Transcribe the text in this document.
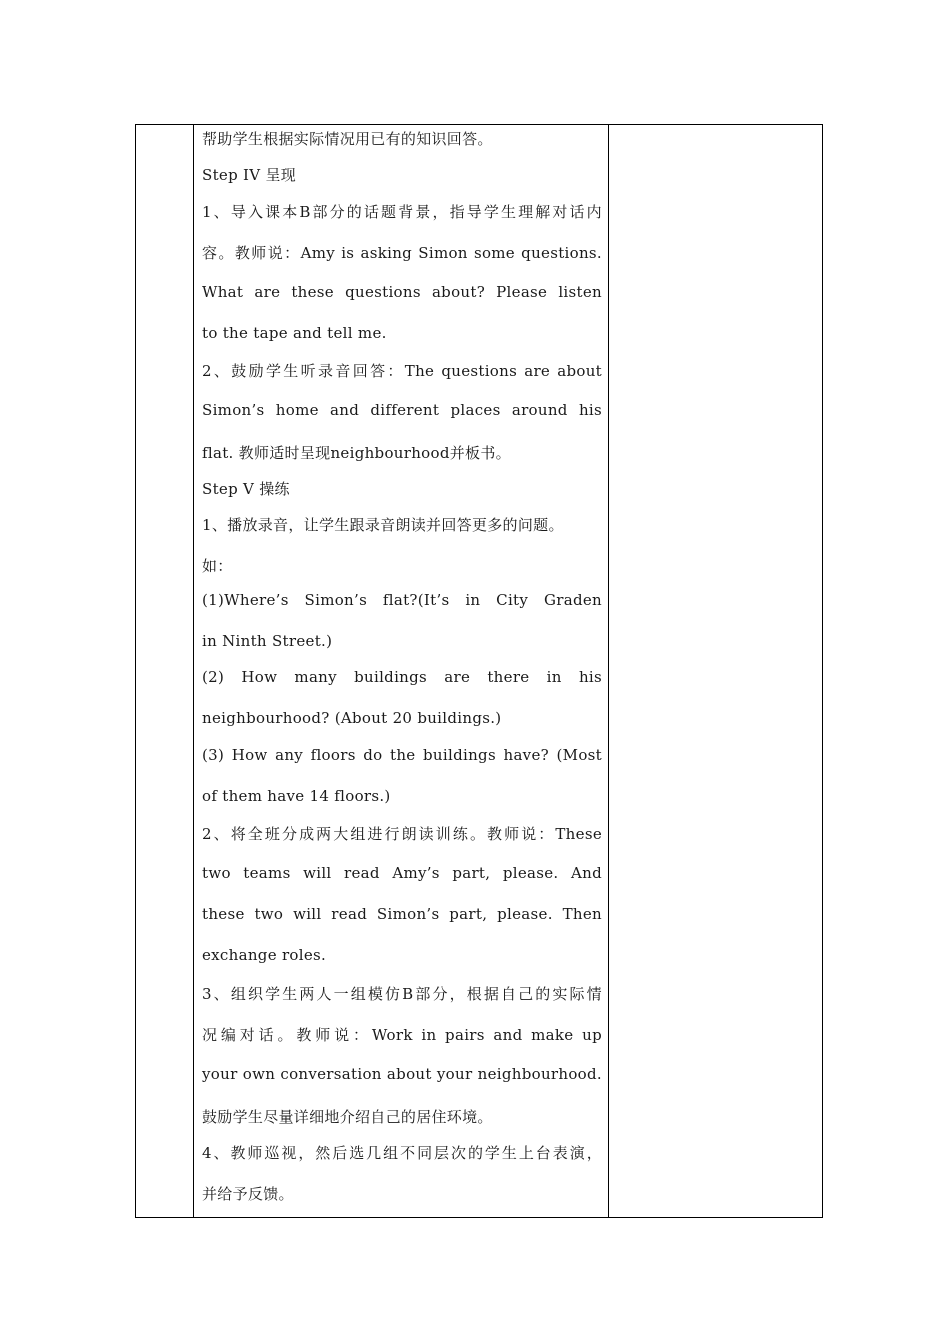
帮助学生根据实际情况用已有的知识回答。
Step IV 呈现
1、导入课本B部分的话题背景，指导学生理解对话内
容。教师说：Amy is asking Simon some questions.
What are these questions about? Please listen
to the tape and tell me.
2、鼓励学生听录音回答：The questions are about
Simon’s home and different places around his
flat. 教师适时呈现neighbourhood并板书。
Step V 操练
1、播放录音，让学生跟录音朗读并回答更多的问题。
如：
(1)Where’s Simon’s flat?(It’s in City Graden
in Ninth Street.)
(2) How many buildings are there in his
neighbourhood? (About 20 buildings.)
(3) How any floors do the buildings have? (Most
of them have 14 floors.)
2、将全班分成两大组进行朗读训练。教师说：These
two teams will read Amy’s part, please. And
these two will read Simon’s part, please. Then
exchange roles.
3、组织学生两人一组模仿B部分，根据自己的实际情
况编对话。教师说：Work in pairs and make up
your own conversation about your neighbourhood.
鼓励学生尽量详细地介绍自己的居住环境。
4、教师巡视，然后选几组不同层次的学生上台表演，
并给予反馈。
